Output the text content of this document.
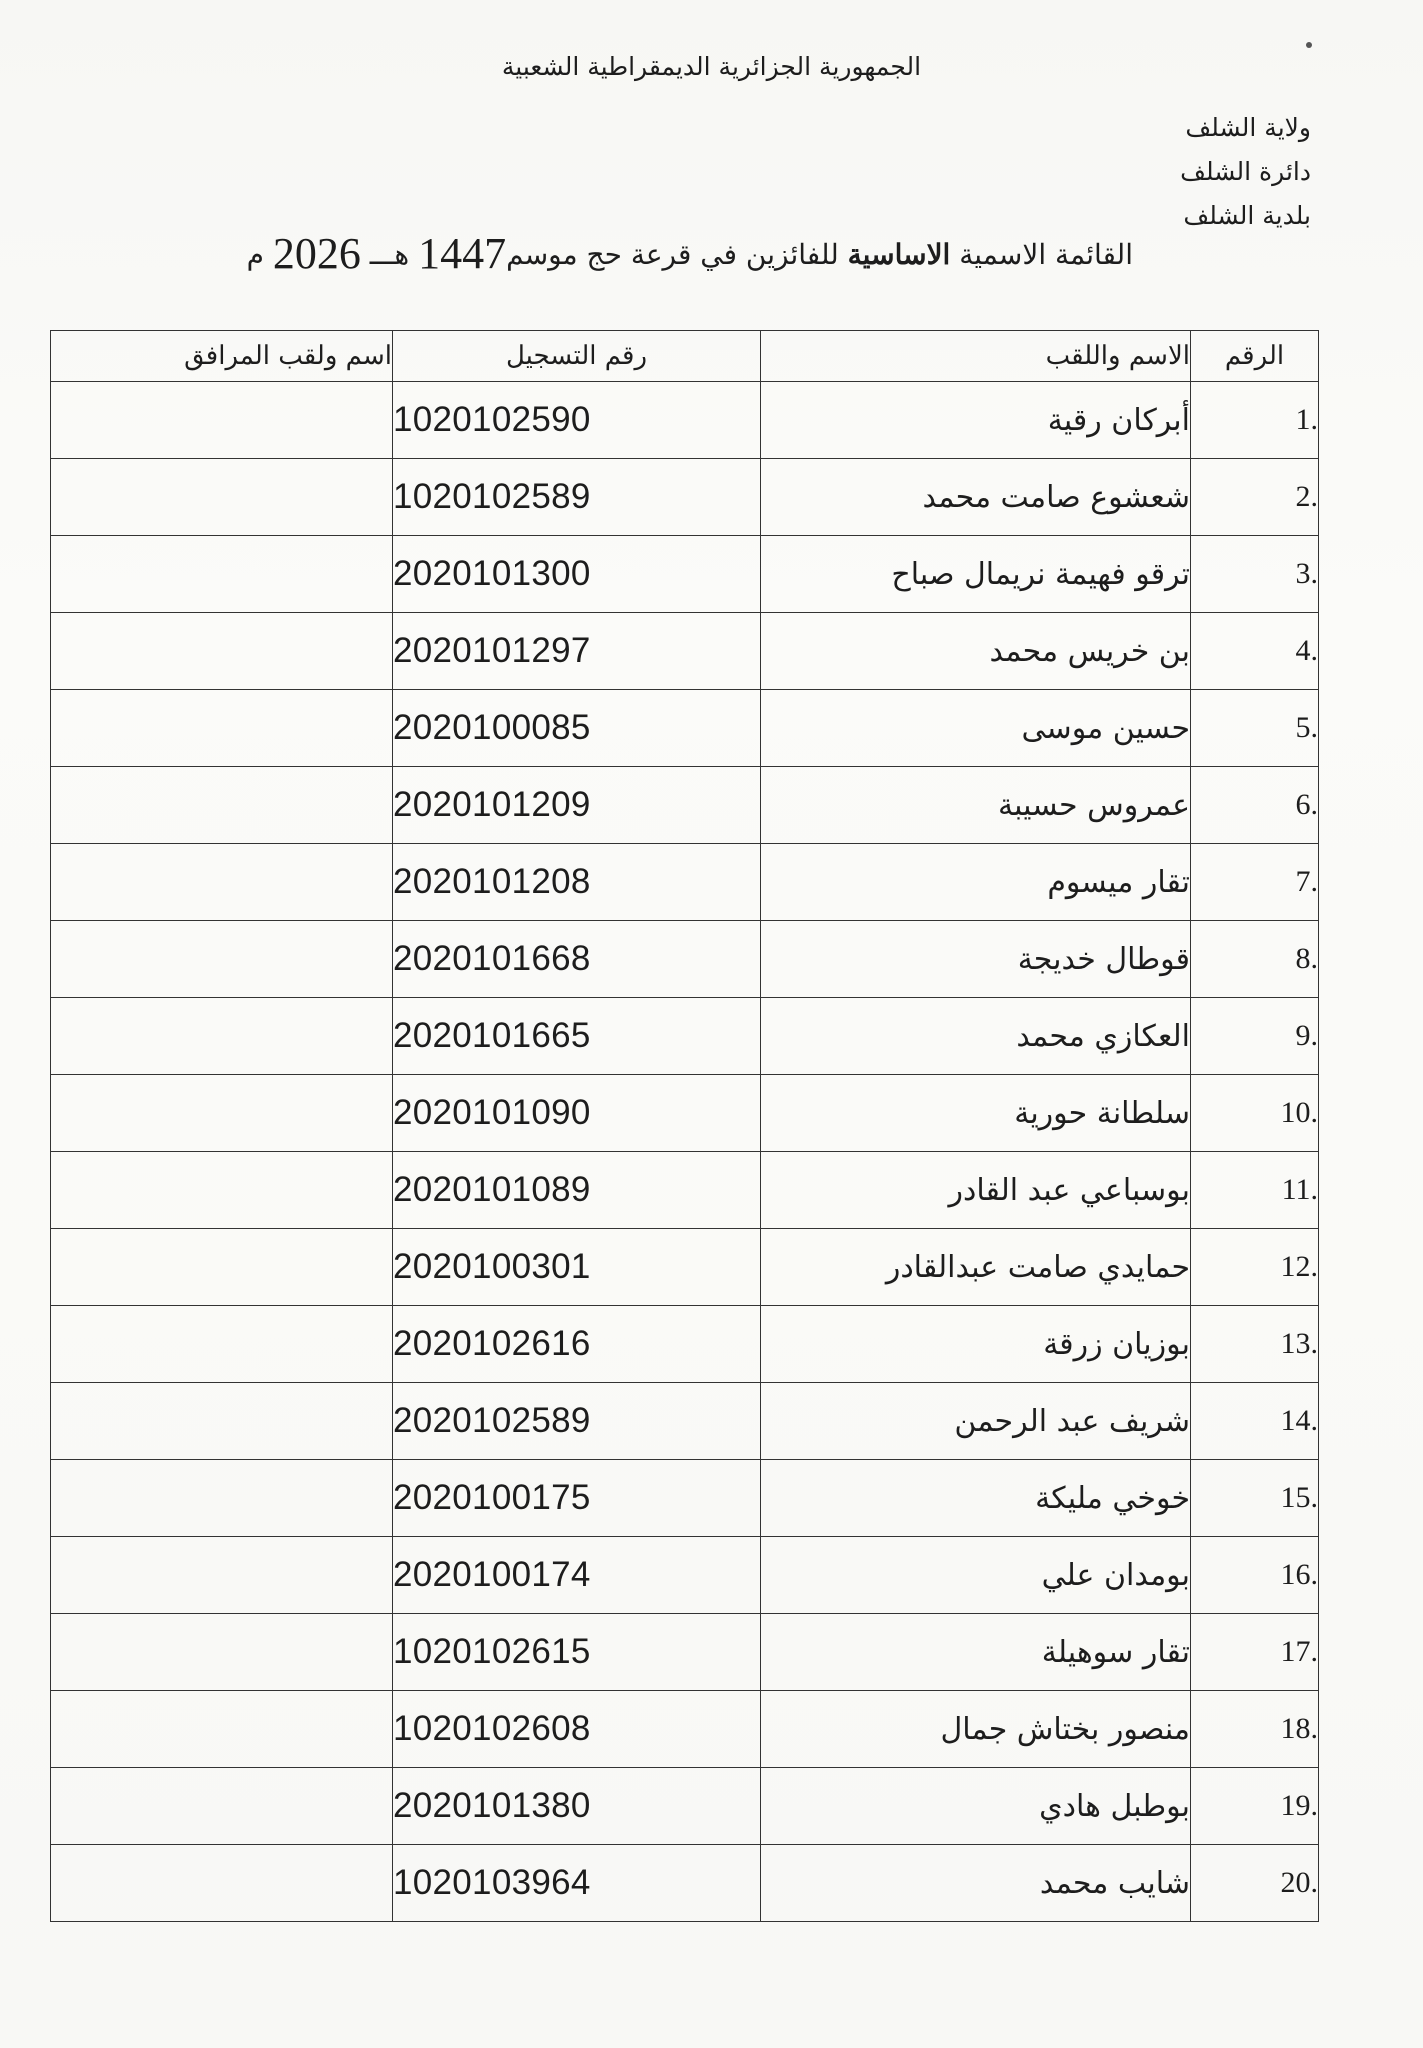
الجمهورية الجزائرية الديمقراطية الشعبية
ولاية الشلف
دائرة الشلف
بلدية الشلف
القائمة الاسمية الاساسية للفائزين في قرعة حج موسم1447 هـــ 2026 م
الرقم	الاسم واللقب	رقم التسجيل	اسم ولقب المرافق
.1	أبركان رقية	1020102590	
.2	شعشوع صامت محمد	1020102589	
.3	ترقو فهيمة نريمال صباح	2020101300	
.4	بن خريس محمد	2020101297	
.5	حسين موسى	2020100085	
.6	عمروس حسيبة	2020101209	
.7	تقار ميسوم	2020101208	
.8	قوطال خديجة	2020101668	
.9	العكازي محمد	2020101665	
.10	سلطانة حورية	2020101090	
.11	بوسباعي عبد القادر	2020101089	
.12	حمايدي صامت عبدالقادر	2020100301	
.13	بوزيان زرقة	2020102616	
.14	شريف عبد الرحمن	2020102589	
.15	خوخي مليكة	2020100175	
.16	بومدان علي	2020100174	
.17	تقار سوهيلة	1020102615	
.18	منصور بختاش جمال	1020102608	
.19	بوطبل هادي	2020101380	
.20	شايب محمد	1020103964	
